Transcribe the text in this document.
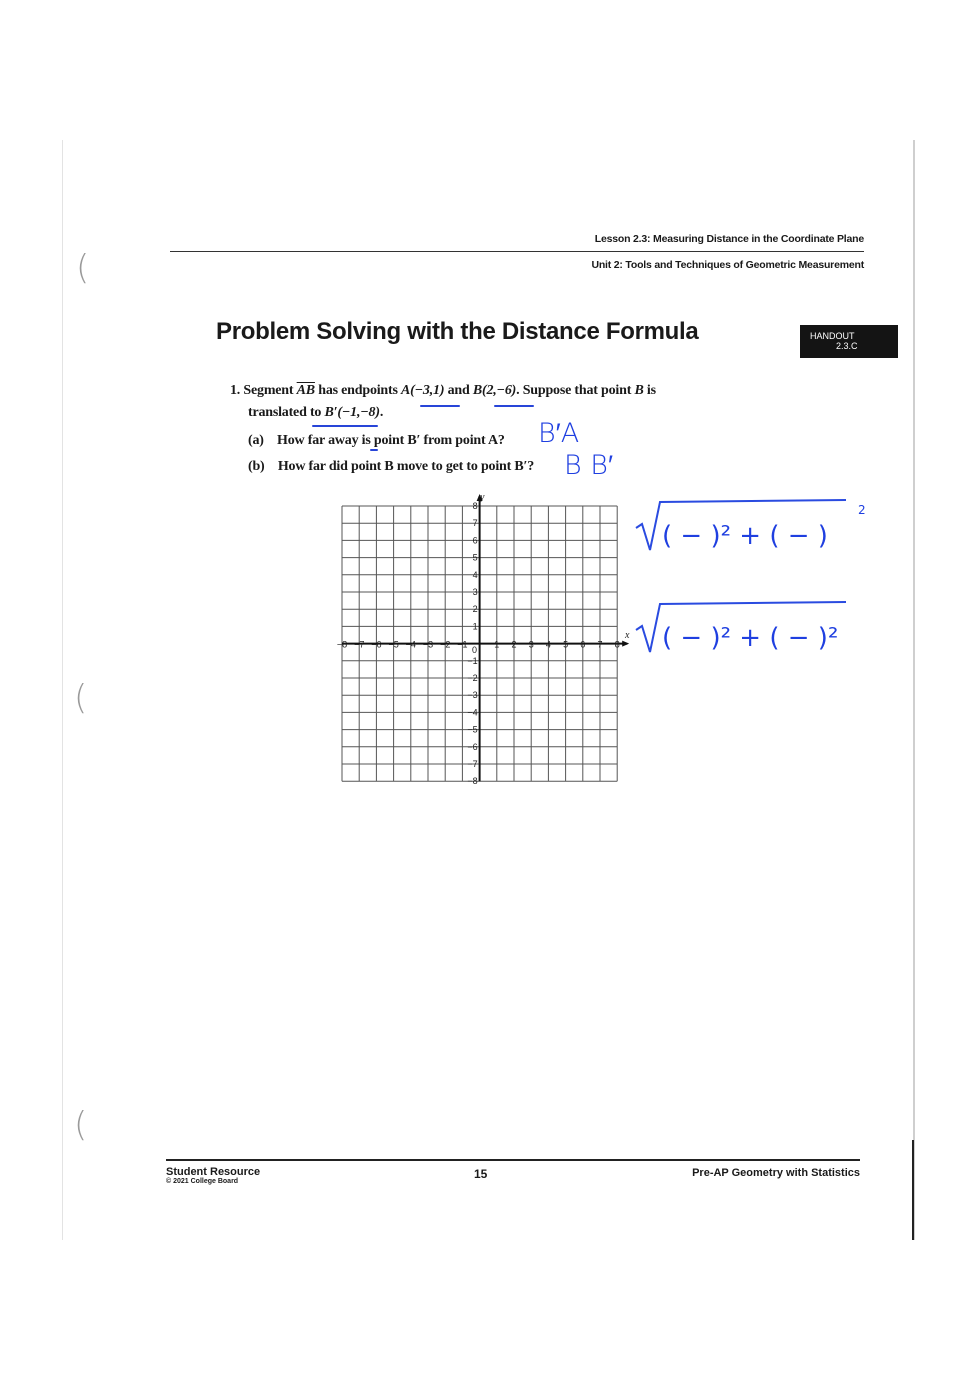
(
(
(
Lesson 2.3: Measuring Distance in the Coordinate Plane
Unit 2: Tools and Techniques of Geometric Measurement
Problem Solving with the Distance Formula	HANDOUT
2.3.C
1. Segment $\overline{AB}$ has endpoints A(−3,1) and B(2,−6). Suppose that point B is
translated to B′(−1,−8).
(a) How far away is point B′ from point A?
(b) How far did point B move to get to point B′?
B′A
B B′
−8 −7 −6 −5 −4 −3 −2 −1	1 2 3 4 5 6 7 8
8
7
6
5
4
3
2
1
−1
−2
−3
−4
−5
−6
−7
−8
x
y
0
( − )² + ( − )
2
( − )² + ( − )²
Student Resource
© 2021 College Board
15	Pre-AP Geometry with Statistics
